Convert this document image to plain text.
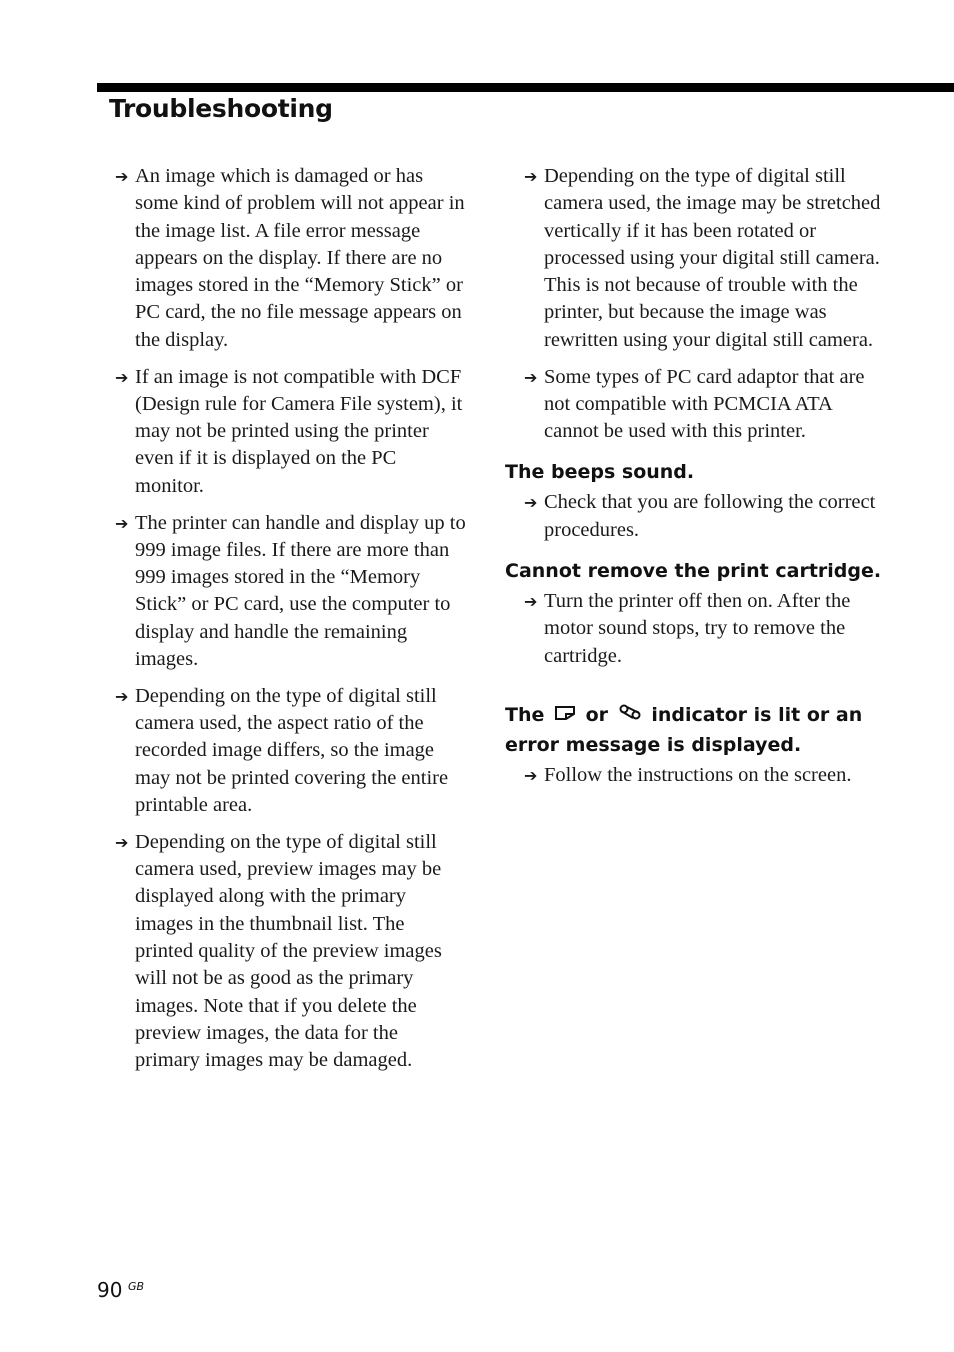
Troubleshooting
➔ An image which is damaged or has some kind of problem will not appear in the image list. A file error message appears on the display. If there are no images stored in the “Memory Stick” or PC card, the no file message appears on the display.
➔ If an image is not compatible with DCF (Design rule for Camera File system), it may not be printed using the printer even if it is displayed on the PC monitor.
➔ The printer can handle and display up to 999 image files. If there are more than 999 images stored in the “Memory Stick” or PC card, use the computer to display and handle the remaining images.
➔ Depending on the type of digital still camera used, the aspect ratio of the recorded image differs, so the image may not be printed covering the entire printable area.
➔ Depending on the type of digital still camera used, preview images may be displayed along with the primary images in the thumbnail list. The printed quality of the preview images will not be as good as the primary images. Note that if you delete the preview images, the data for the primary images may be damaged.
➔ Depending on the type of digital still camera used, the image may be stretched vertically if it has been rotated or processed using your digital still camera. This is not because of trouble with the printer, but because the image was rewritten using your digital still camera.
➔ Some types of PC card adaptor that are not compatible with PCMCIA ATA cannot be used with this printer.
The beeps sound.
➔ Check that you are following the correct procedures.
Cannot remove the print cartridge.
➔ Turn the printer off then on. After the motor sound stops, try to remove the cartridge.
The or indicator is lit or an error message is displayed.
➔ Follow the instructions on the screen.
90 GB
